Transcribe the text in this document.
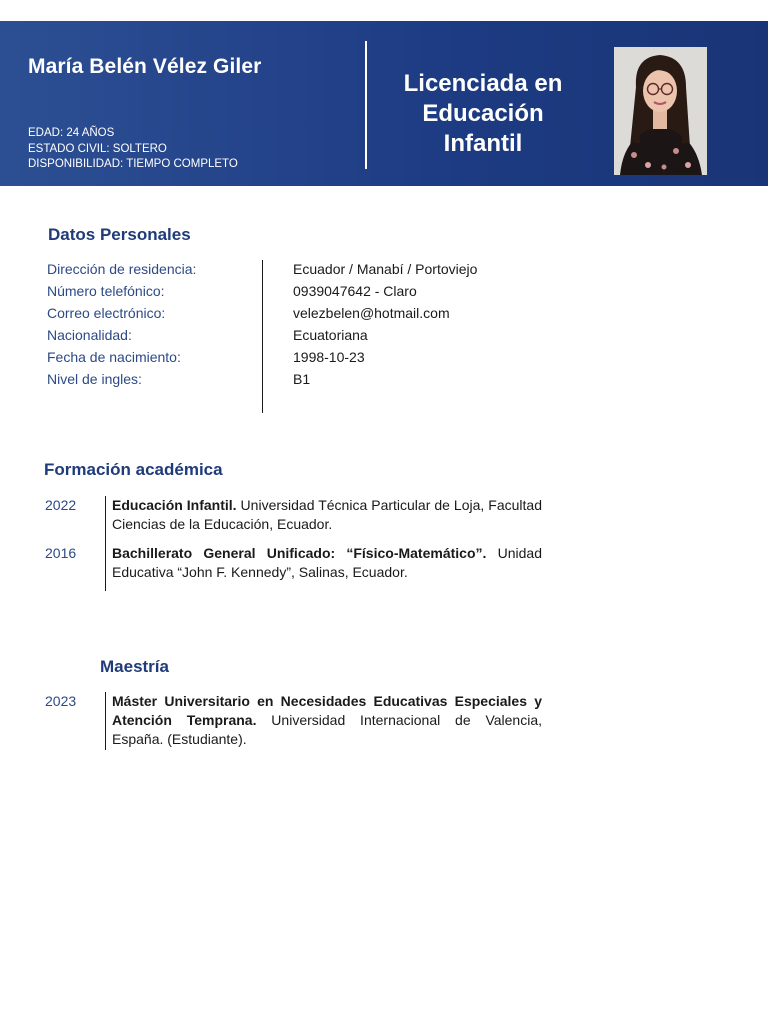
María Belén Vélez Giler
EDAD: 24 AÑOS
ESTADO CIVIL: SOLTERO
DISPONIBILIDAD: TIEMPO COMPLETO
Licenciada en
Educación
Infantil
Datos Personales
Dirección de residencia:	Ecuador / Manabí / Portoviejo
Número telefónico:	0939047642 - Claro
Correo electrónico:	velezbelen@hotmail.com
Nacionalidad:	Ecuatoriana
Fecha de nacimiento:	1998-10-23
Nivel de ingles:	B1
Formación académica
2022	Educación Infantil. Universidad Técnica Particular de Loja, Facultad Ciencias de la Educación, Ecuador.
2016	Bachillerato General Unificado: “Físico-Matemático”. Unidad Educativa “John F. Kennedy”, Salinas, Ecuador.
Maestría
2023	Máster Universitario en Necesidades Educativas Especiales y Atención Temprana. Universidad Internacional de Valencia, España. (Estudiante).
